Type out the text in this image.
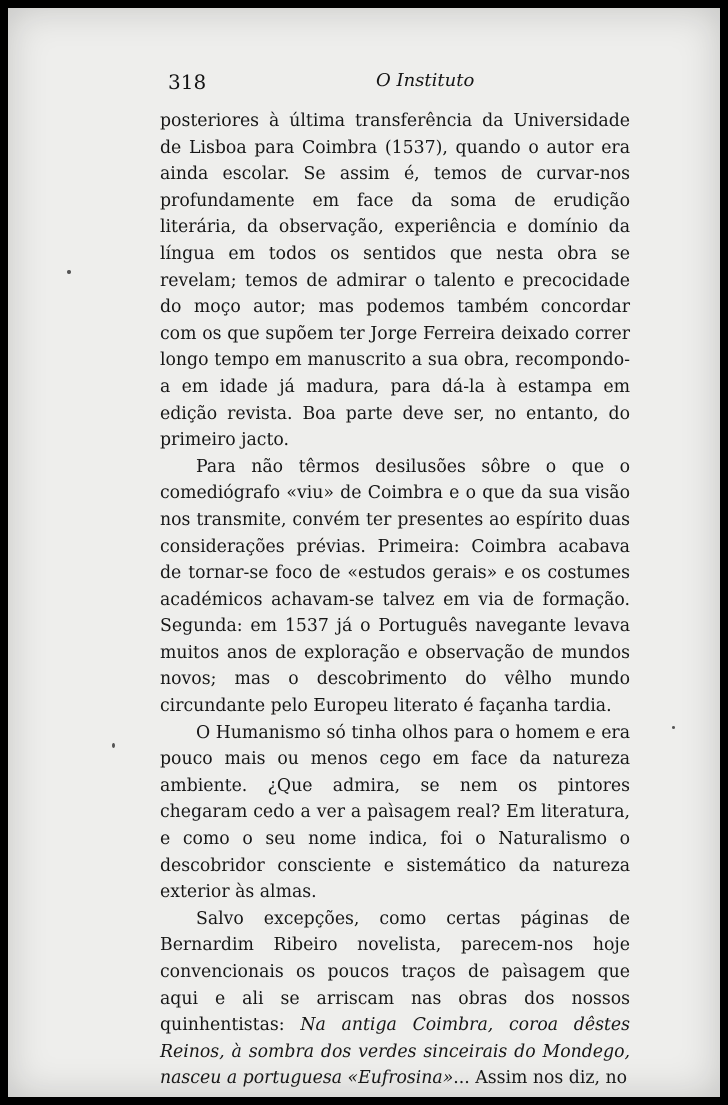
318	O Instituto

posteriores à última transferência da Universidade de Lisboa para Coimbra (1537), quando o autor era ainda escolar. Se assim é, temos de curvar-nos profundamente em face da soma de erudição literária, da observação, experiência e domínio da língua em todos os sentidos que nesta obra se revelam; temos de admirar o talento e precocidade do moço autor; mas podemos também concordar com os que supõem ter Jorge Ferreira deixado correr longo tempo em manuscrito a sua obra, recompondo-a em idade já madura, para dá-la à estampa em edição revista. Boa parte deve ser, no entanto, do primeiro jacto.

Para não têrmos desilusões sôbre o que o comediógrafo «viu» de Coimbra e o que da sua visão nos transmite, convém ter presentes ao espírito duas considerações prévias. Primeira: Coimbra acabava de tornar-se foco de «estudos gerais» e os costumes académicos achavam-se talvez em via de formação. Segunda: em 1537 já o Português navegante levava muitos anos de exploração e observação de mundos novos; mas o descobrimento do vêlho mundo circundante pelo Europeu literato é façanha tardia.

O Humanismo só tinha olhos para o homem e era pouco mais ou menos cego em face da natureza ambiente. ¿Que admira, se nem os pintores chegaram cedo a ver a paìsagem real? Em literatura, e como o seu nome indica, foi o Naturalismo o descobridor consciente e sistemático da natureza exterior às almas.

Salvo excepções, como certas páginas de Bernardim Ribeiro novelista, parecem-nos hoje convencionais os poucos traços de paìsagem que aqui e ali se arriscam nas obras dos nossos quinhentistas: Na antiga Coimbra, coroa dêstes Reinos, à sombra dos verdes sinceirais do Mondego, nasceu a portuguesa «Eufrosina»... Assim nos diz, no
